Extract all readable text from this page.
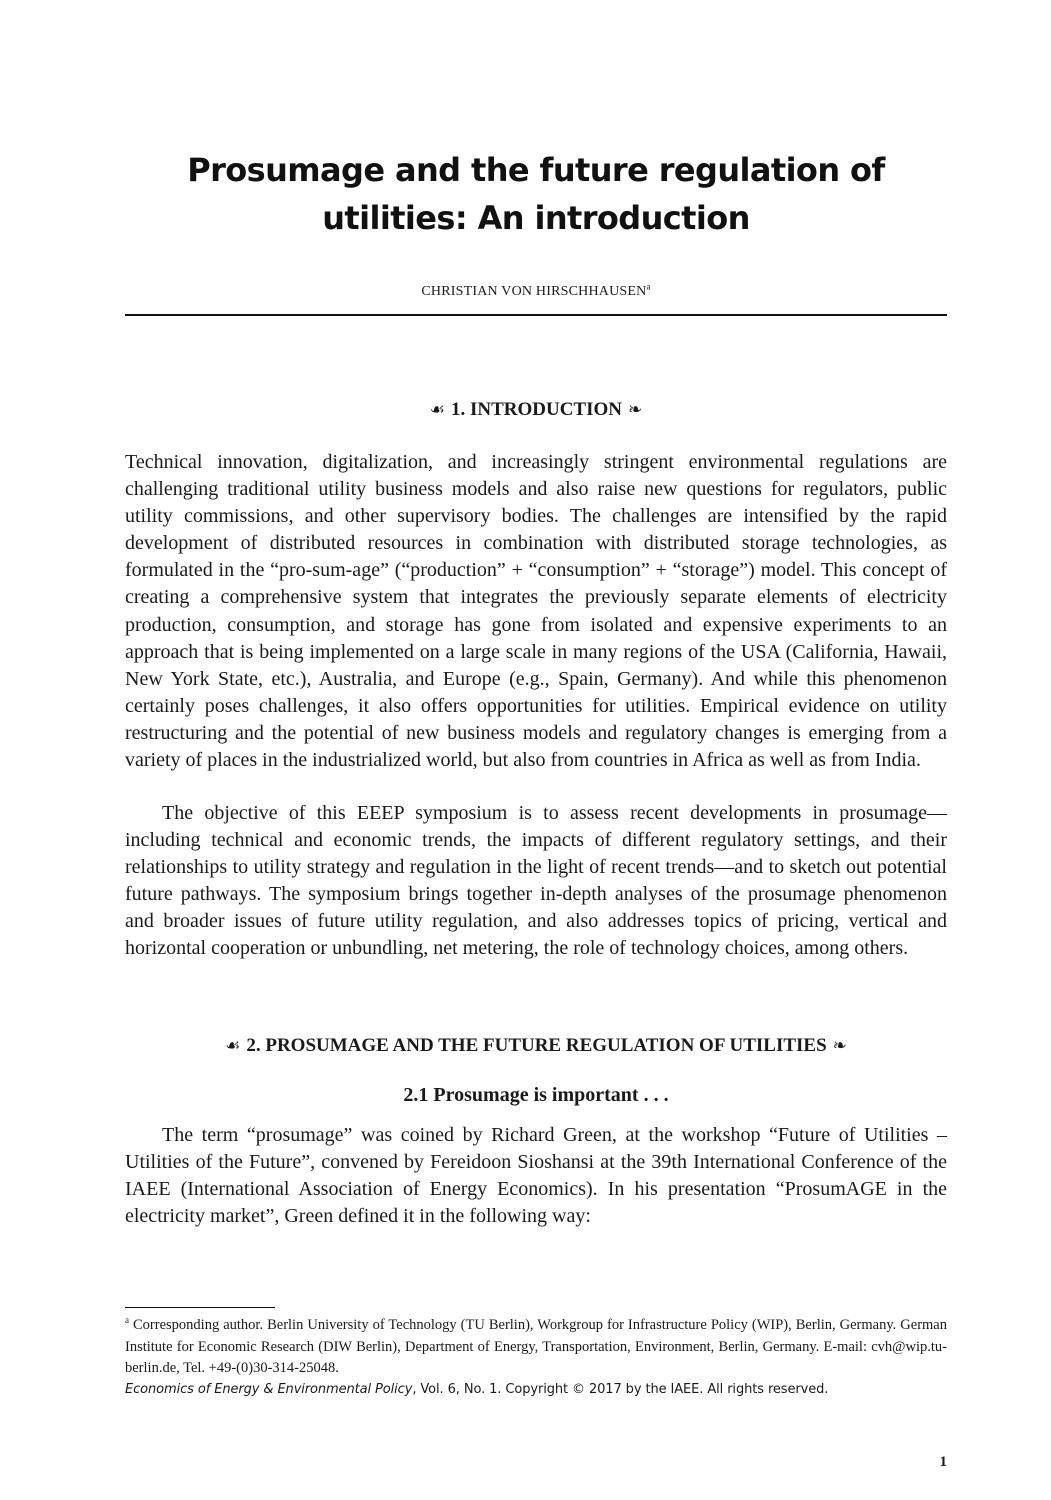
Prosumage and the future regulation of utilities: An introduction
CHRISTIAN VON HIRSCHHAUSEN$^a$
☙ 1. INTRODUCTION ❧

Technical innovation, digitalization, and increasingly stringent environmental regulations are challenging traditional utility business models and also raise new questions for regulators, public utility commissions, and other supervisory bodies. The challenges are intensified by the rapid development of distributed resources in combination with distributed storage technologies, as formulated in the “pro-sum-age” (“production” + “consumption” + “storage”) model. This concept of creating a comprehensive system that integrates the previously separate elements of electricity production, consumption, and storage has gone from isolated and expensive experiments to an approach that is being implemented on a large scale in many regions of the USA (California, Hawaii, New York State, etc.), Australia, and Europe (e.g., Spain, Germany). And while this phenomenon certainly poses challenges, it also offers opportunities for utilities. Empirical evidence on utility restructuring and the potential of new business models and regulatory changes is emerging from a variety of places in the industrialized world, but also from countries in Africa as well as from India.

The objective of this EEEP symposium is to assess recent developments in prosumage—including technical and economic trends, the impacts of different regulatory settings, and their relationships to utility strategy and regulation in the light of recent trends—and to sketch out potential future pathways. The symposium brings together in-depth analyses of the prosumage phenomenon and broader issues of future utility regulation, and also addresses topics of pricing, vertical and horizontal cooperation or unbundling, net metering, the role of technology choices, among others.

☙ 2. PROSUMAGE AND THE FUTURE REGULATION OF UTILITIES ❧
2.1 Prosumage is important . . .

The term “prosumage” was coined by Richard Green, at the workshop “Future of Utilities – Utilities of the Future”, convened by Fereidoon Sioshansi at the 39th International Conference of the IAEE (International Association of Energy Economics). In his presentation “ProsumAGE in the electricity market”, Green defined it in the following way:

$^a$ Corresponding author. Berlin University of Technology (TU Berlin), Workgroup for Infrastructure Policy (WIP), Berlin, Germany. German Institute for Economic Research (DIW Berlin), Department of Energy, Transportation, Environment, Berlin, Germany. E-mail: cvh@wip.tu-berlin.de, Tel. +49-(0)30-314-25048.

Economics of Energy & Environmental Policy, Vol. 6, No. 1. Copyright © 2017 by the IAEE. All rights reserved.
1
